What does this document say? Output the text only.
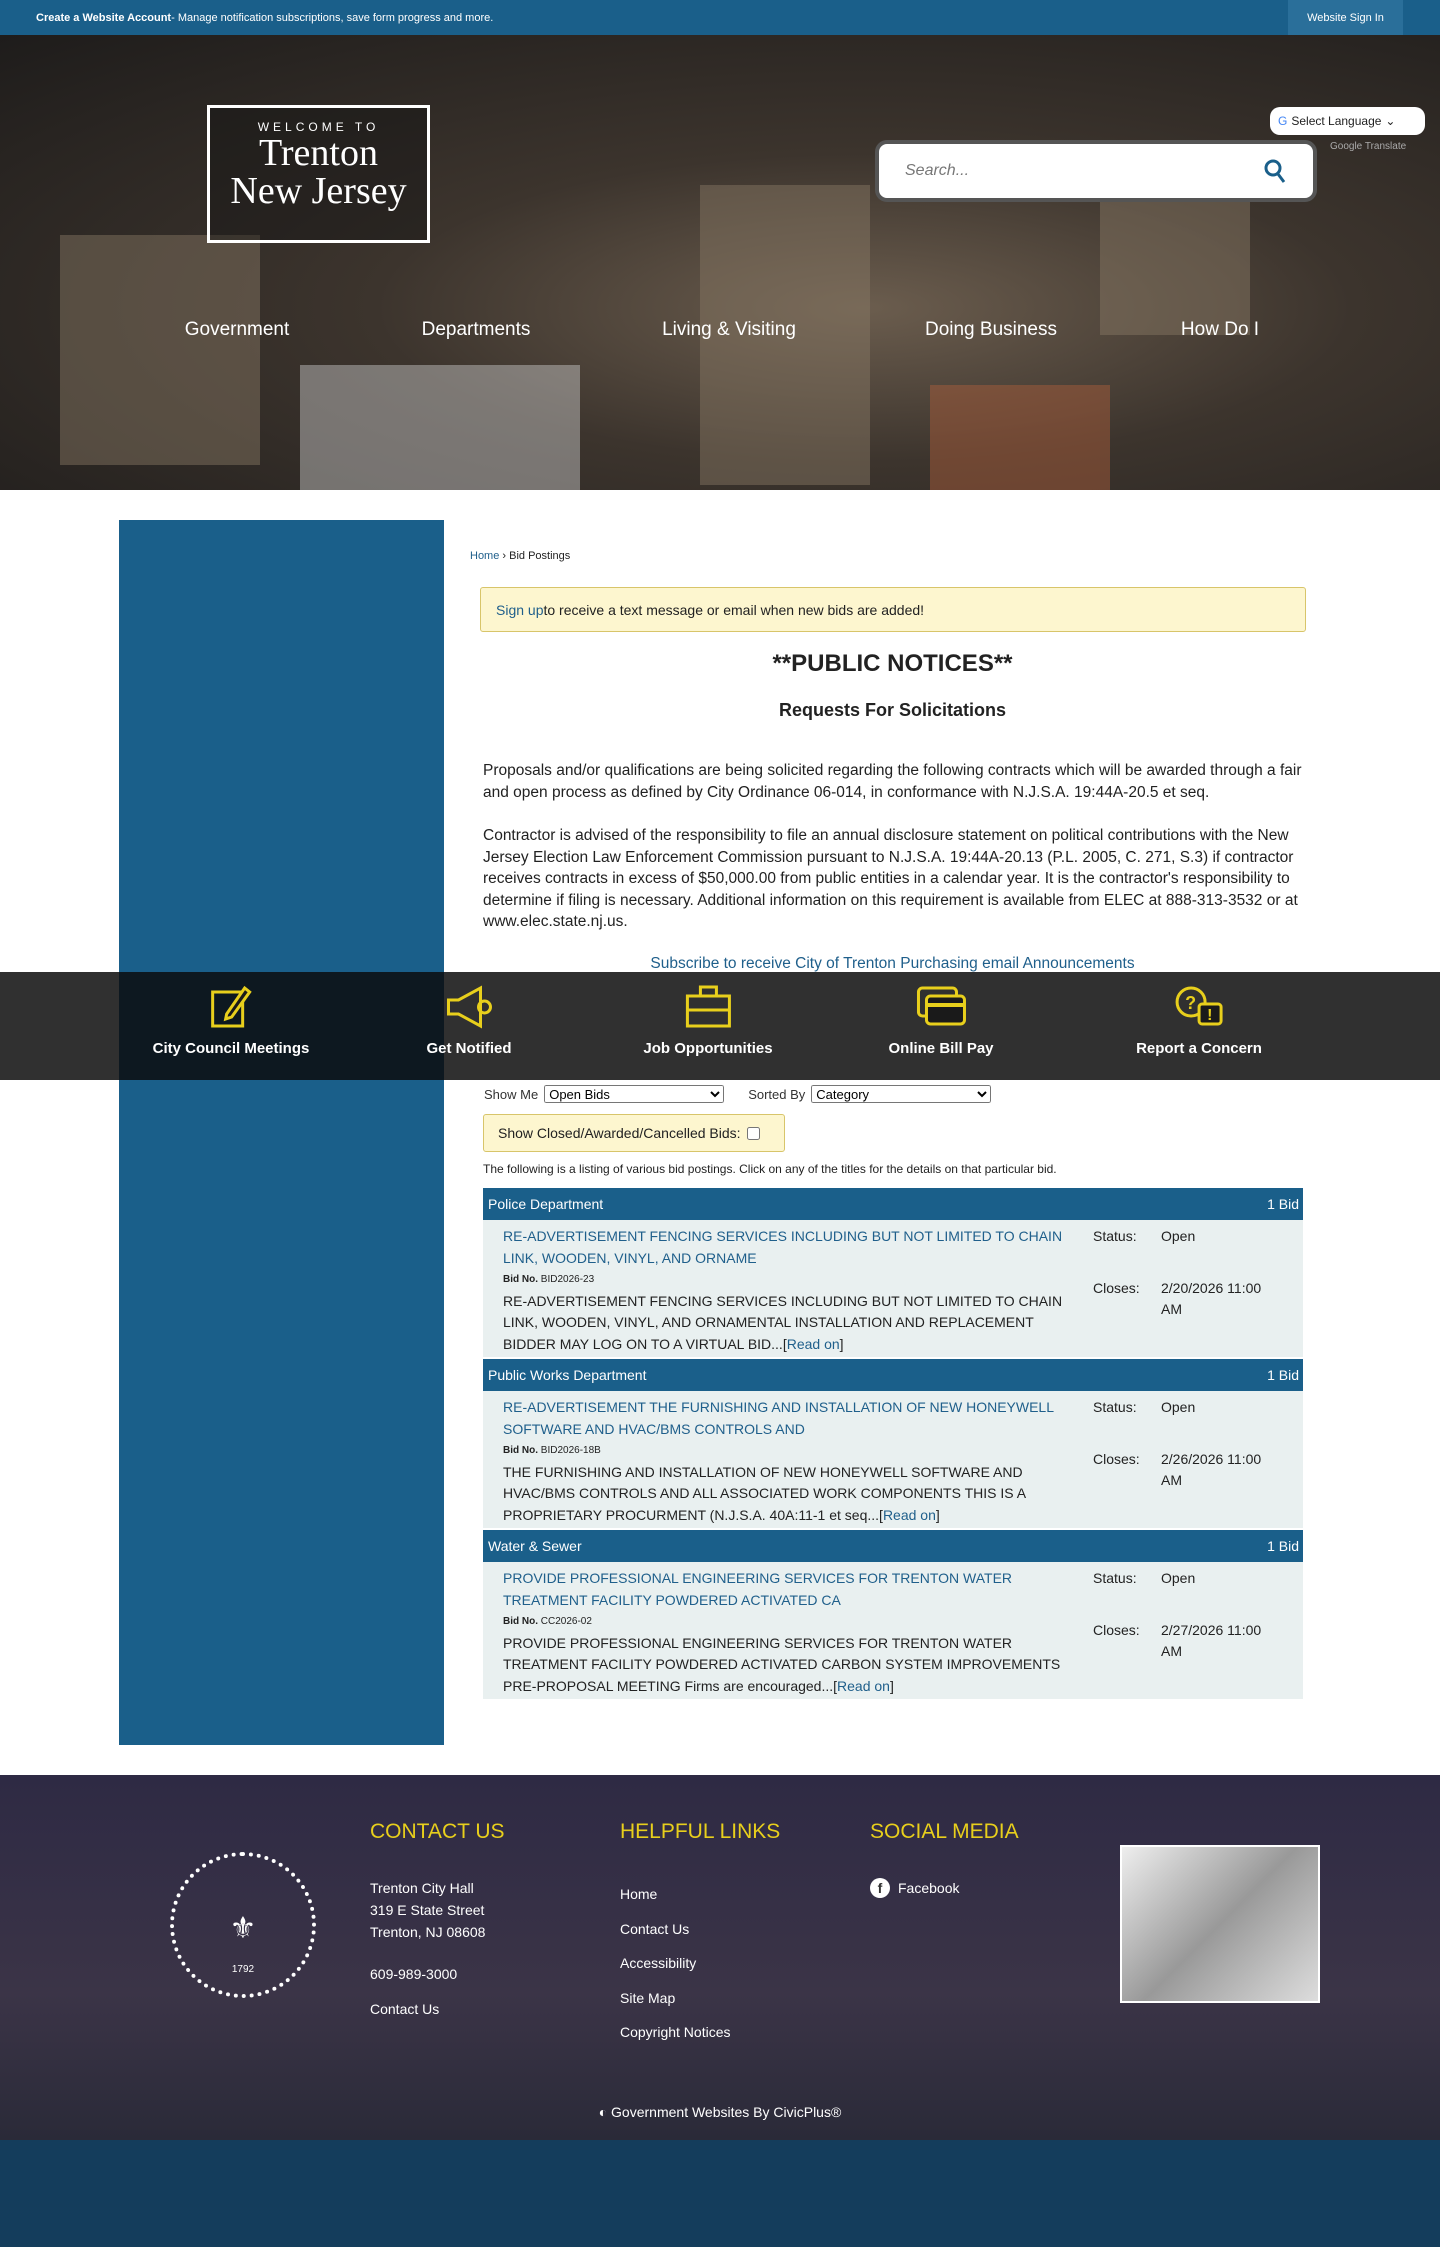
Create a Website Account - Manage notification subscriptions, save form progress and more.	Website Sign In
WELCOME TO
Trenton
New Jersey
G Select Language ⌄
Google Translate
Search...
Government	Departments	Living & Visiting	Doing Business	How Do I
Home › Bid Postings
Sign up to receive a text message or email when new bids are added!
**PUBLIC NOTICES**
Requests For Solicitations

Proposals and/or qualifications are being solicited regarding the following contracts which will be awarded through a fair and open process as defined by City Ordinance 06-014, in conformance with N.J.S.A. 19:44A-20.5 et seq.

Contractor is advised of the responsibility to file an annual disclosure statement on political contributions with the New Jersey Election Law Enforcement Commission pursuant to N.J.S.A. 19:44A-20.13 (P.L. 2005, C. 271, S.3) if contractor receives contracts in excess of $50,000.00 from public entities in a calendar year. It is the contractor's responsibility to determine if filing is necessary. Additional information on this requirement is available from ELEC at 888-313-3532 or at www.elec.state.nj.us.

Subscribe to receive City of Trenton Purchasing email Announcements
Show Me
Open Bids	Sorted By
Category
Show Closed/Awarded/Cancelled Bids:
The following is a listing of various bid postings. Click on any of the titles for the details on that particular bid.
Police Department	1 Bid
RE-ADVERTISEMENT FENCING SERVICES INCLUDING BUT NOT LIMITED TO CHAIN LINK, WOODEN, VINYL, AND ORNAME
Bid No. BID2026-23
RE-ADVERTISEMENT FENCING SERVICES INCLUDING BUT NOT LIMITED TO CHAIN LINK, WOODEN, VINYL, AND ORNAMENTAL INSTALLATION AND REPLACEMENT BIDDER MAY LOG ON TO A VIRTUAL BID...[Read on]
Status:	Open
Closes:	2/20/2026 11:00 AM
Public Works Department	1 Bid
RE-ADVERTISEMENT THE FURNISHING AND INSTALLATION OF NEW HONEYWELL SOFTWARE AND HVAC/BMS CONTROLS AND
Bid No. BID2026-18B
THE FURNISHING AND INSTALLATION OF NEW HONEYWELL SOFTWARE AND HVAC/BMS CONTROLS AND ALL ASSOCIATED WORK COMPONENTS THIS IS A PROPRIETARY PROCURMENT (N.J.S.A. 40A:11-1 et seq...[Read on]
Status:	Open
Closes:	2/26/2026 11:00 AM
Water & Sewer	1 Bid
PROVIDE PROFESSIONAL ENGINEERING SERVICES FOR TRENTON WATER TREATMENT FACILITY POWDERED ACTIVATED CA
Bid No. CC2026-02
PROVIDE PROFESSIONAL ENGINEERING SERVICES FOR TRENTON WATER TREATMENT FACILITY POWDERED ACTIVATED CARBON SYSTEM IMPROVEMENTS PRE-PROPOSAL MEETING Firms are encouraged...[Read on]
Status:	Open
Closes:	2/27/2026 11:00 AM
City Council Meetings	Get Notified	Job Opportunities	Online Bill Pay
?
!
Report a Concern
⚜
1792
CONTACT US
Trenton City Hall
319 E State Street
Trenton, NJ 08608
609-989-3000
Contact Us
HELPFUL LINKS
Home
Contact Us
Accessibility
Site Map
Copyright Notices
SOCIAL MEDIA
f	Facebook
◐ Government Websites By CivicPlus®
